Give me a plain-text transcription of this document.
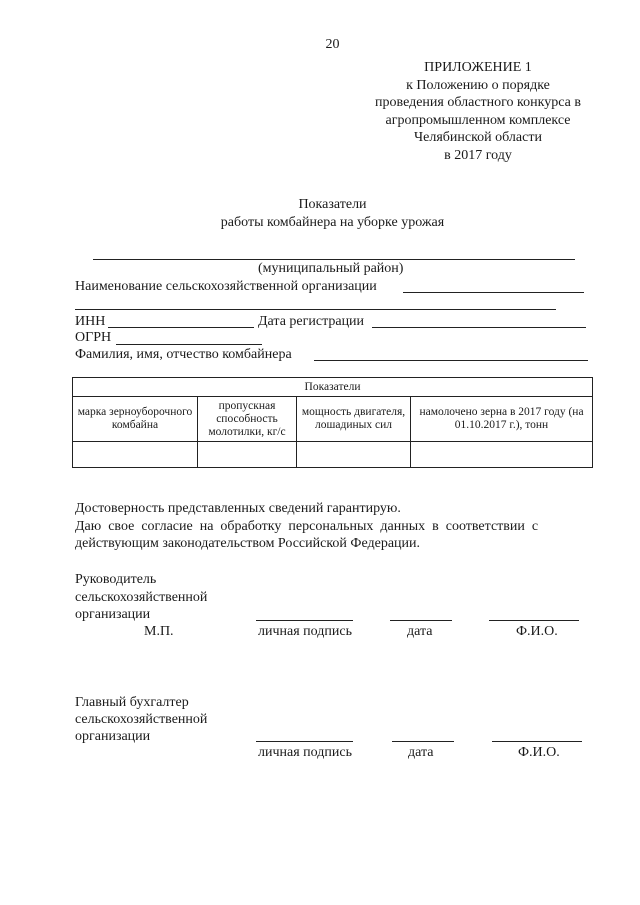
20
ПРИЛОЖЕНИЕ 1
к Положению о порядке
проведения областного конкурса в
агропромышленном комплексе
Челябинской области
в 2017 году
Показатели
работы комбайнера на уборке урожая
(муниципальный район)
Наименование сельскохозяйственной организации
ИНН	Дата регистрации
ОГРН
Фамилия, имя, отчество комбайнера
Показатели			
марка зерноуборочного комбайна	пропускная способность молотилки, кг/с	мощность двигателя, лошадиных сил	намолочено зерна в 2017 году (на 01.10.2017 г.), тонн

Достоверность представленных сведений гарантирую.
Даю  свое  согласие  на  обработку  персональных  данных  в  соответствии  с
действующим законодательством Российской Федерации.
Руководитель
сельскохозяйственной
организации
М.П.	личная подпись	дата	Ф.И.О.
Главный бухгалтер
сельскохозяйственной
организации
личная подпись	дата	Ф.И.О.
